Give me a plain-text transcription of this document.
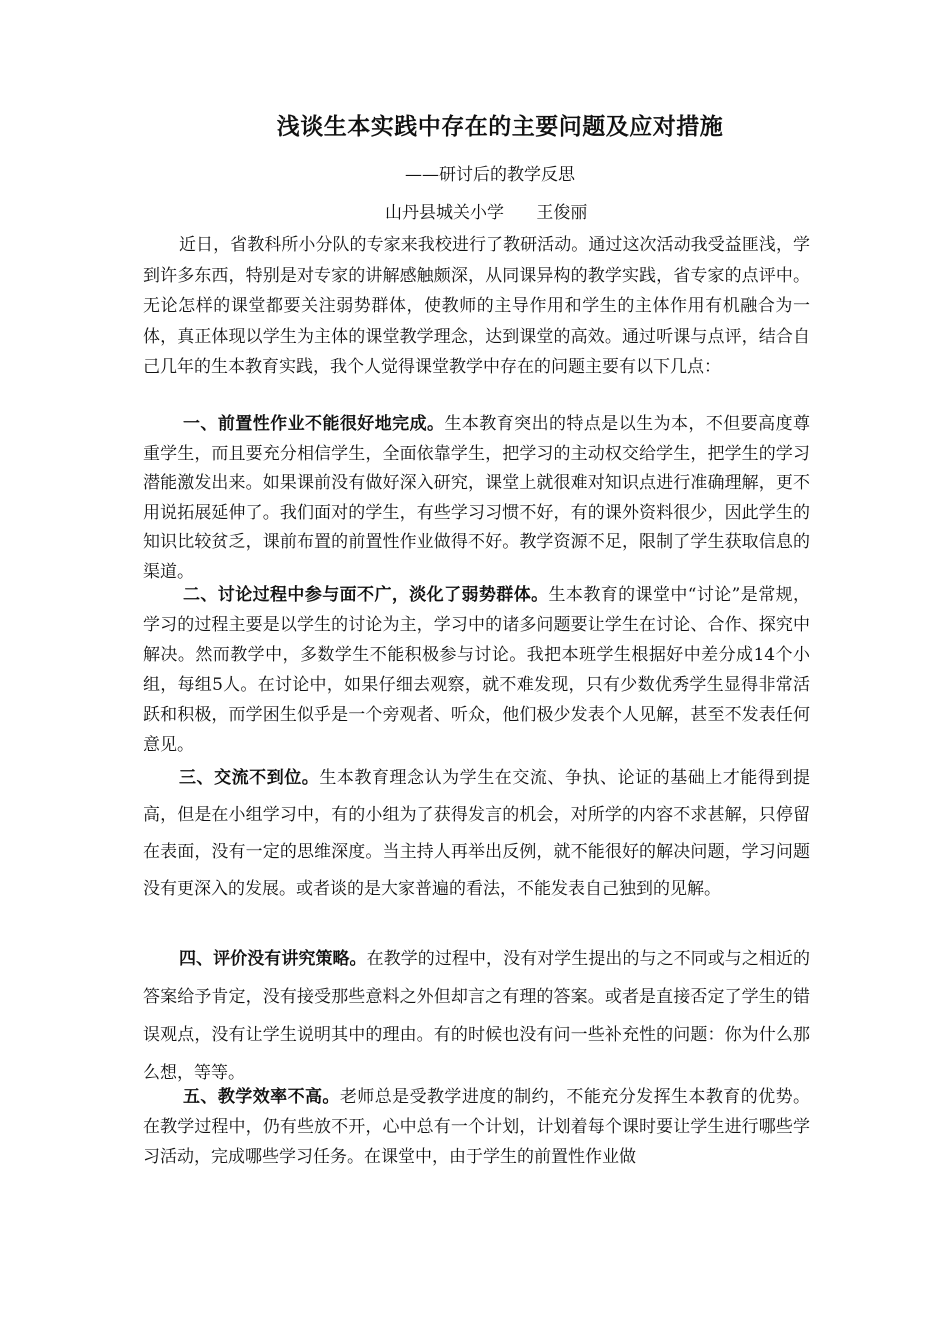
浅谈生本实践中存在的主要问题及应对措施
——研讨后的教学反思
山丹县城关小学      王俊丽
近日，省教科所小分队的专家来我校进行了教研活动。通过这次活动我受益匪浅，学到许多东西，特别是对专家的讲解感触颇深，从同课异构的教学实践，省专家的点评中。无论怎样的课堂都要关注弱势群体，使教师的主导作用和学生的主体作用有机融合为一体，真正体现以学生为主体的课堂教学理念，达到课堂的高效。通过听课与点评，结合自己几年的生本教育实践，我个人觉得课堂教学中存在的问题主要有以下几点：
一、前置性作业不能很好地完成。生本教育突出的特点是以生为本，不但要高度尊重学生，而且要充分相信学生，全面依靠学生，把学习的主动权交给学生，把学生的学习潜能激发出来。如果课前没有做好深入研究，课堂上就很难对知识点进行准确理解，更不用说拓展延伸了。我们面对的学生，有些学习习惯不好，有的课外资料很少，因此学生的知识比较贫乏，课前布置的前置性作业做得不好。教学资源不足，限制了学生获取信息的渠道。
二、讨论过程中参与面不广，淡化了弱势群体。生本教育的课堂中“讨论”是常规，学习的过程主要是以学生的讨论为主，学习中的诸多问题要让学生在讨论、合作、探究中解决。然而教学中，多数学生不能积极参与讨论。我把本班学生根据好中差分成14个小组，每组5人。在讨论中，如果仔细去观察，就不难发现，只有少数优秀学生显得非常活跃和积极，而学困生似乎是一个旁观者、听众，他们极少发表个人见解，甚至不发表任何意见。
三、交流不到位。生本教育理念认为学生在交流、争执、论证的基础上才能得到提高，但是在小组学习中，有的小组为了获得发言的机会，对所学的内容不求甚解，只停留在表面，没有一定的思维深度。当主持人再举出反例，就不能很好的解决问题，学习问题没有更深入的发展。或者谈的是大家普遍的看法，不能发表自己独到的见解。
四、评价没有讲究策略。在教学的过程中，没有对学生提出的与之不同或与之相近的答案给予肯定，没有接受那些意料之外但却言之有理的答案。或者是直接否定了学生的错误观点，没有让学生说明其中的理由。有的时候也没有问一些补充性的问题：你为什么那么想，等等。
五、教学效率不高。老师总是受教学进度的制约，不能充分发挥生本教育的优势。在教学过程中，仍有些放不开，心中总有一个计划，计划着每个课时要让学生进行哪些学习活动，完成哪些学习任务。在课堂中，由于学生的前置性作业做
